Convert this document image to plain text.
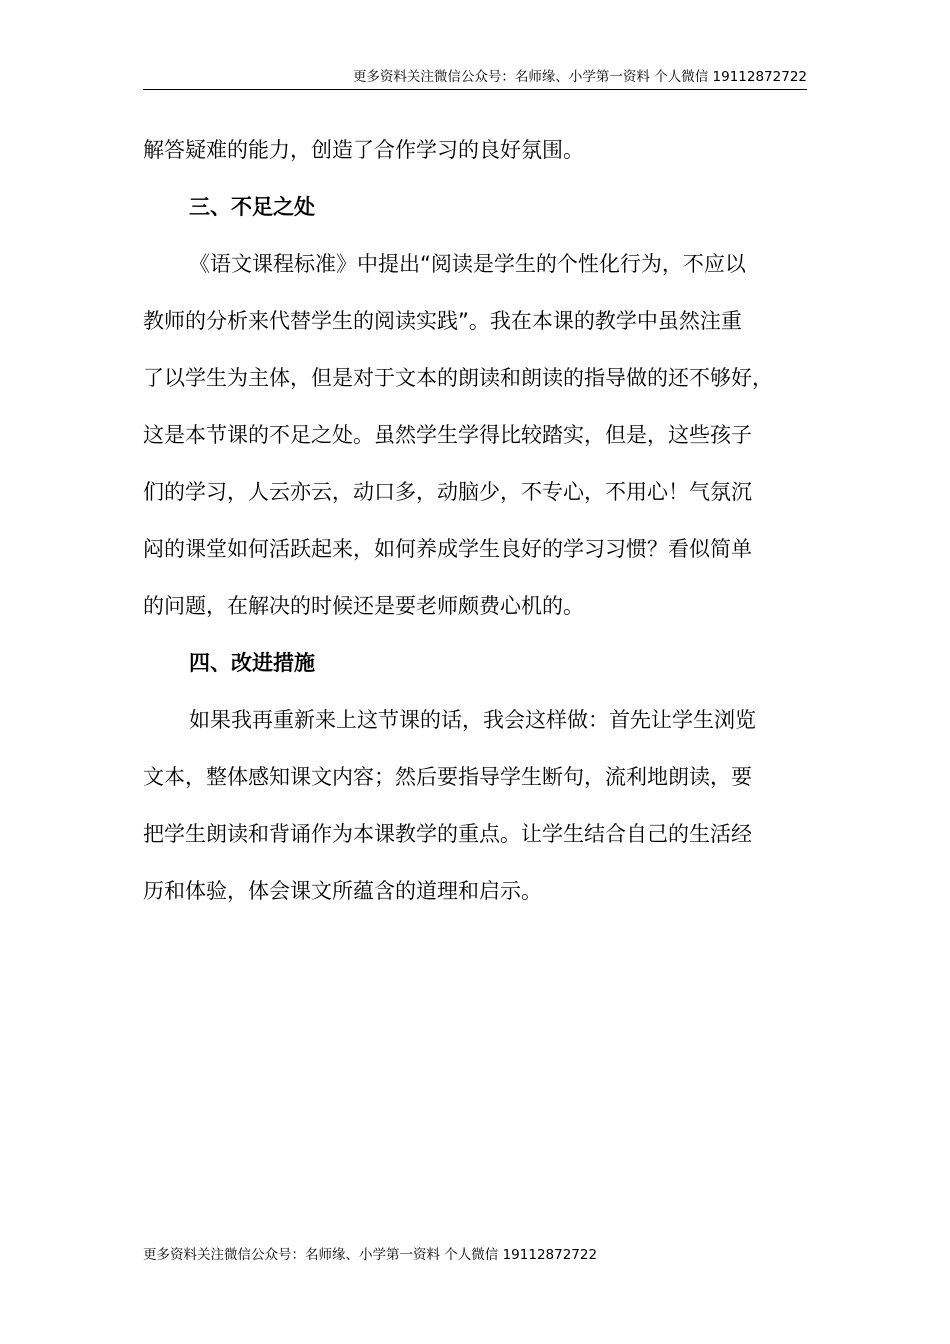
更多资料关注微信公众号：名师缘、小学第一资料 个人微信 19112872722
解答疑难的能力，创造了合作学习的良好氛围。
三、不足之处
《语文课程标准》中提出“阅读是学生的个性化行为，不应以
教师的分析来代替学生的阅读实践”。我在本课的教学中虽然注重
了以学生为主体，但是对于文本的朗读和朗读的指导做的还不够好，
这是本节课的不足之处。虽然学生学得比较踏实，但是，这些孩子
们的学习，人云亦云，动口多，动脑少，不专心，不用心！气氛沉
闷的课堂如何活跃起来，如何养成学生良好的学习习惯？看似简单
的问题，在解决的时候还是要老师颇费心机的。
四、改进措施
如果我再重新来上这节课的话，我会这样做：首先让学生浏览
文本，整体感知课文内容；然后要指导学生断句，流利地朗读，要
把学生朗读和背诵作为本课教学的重点。让学生结合自己的生活经
历和体验，体会课文所蕴含的道理和启示。
更多资料关注微信公众号：名师缘、小学第一资料 个人微信 19112872722
